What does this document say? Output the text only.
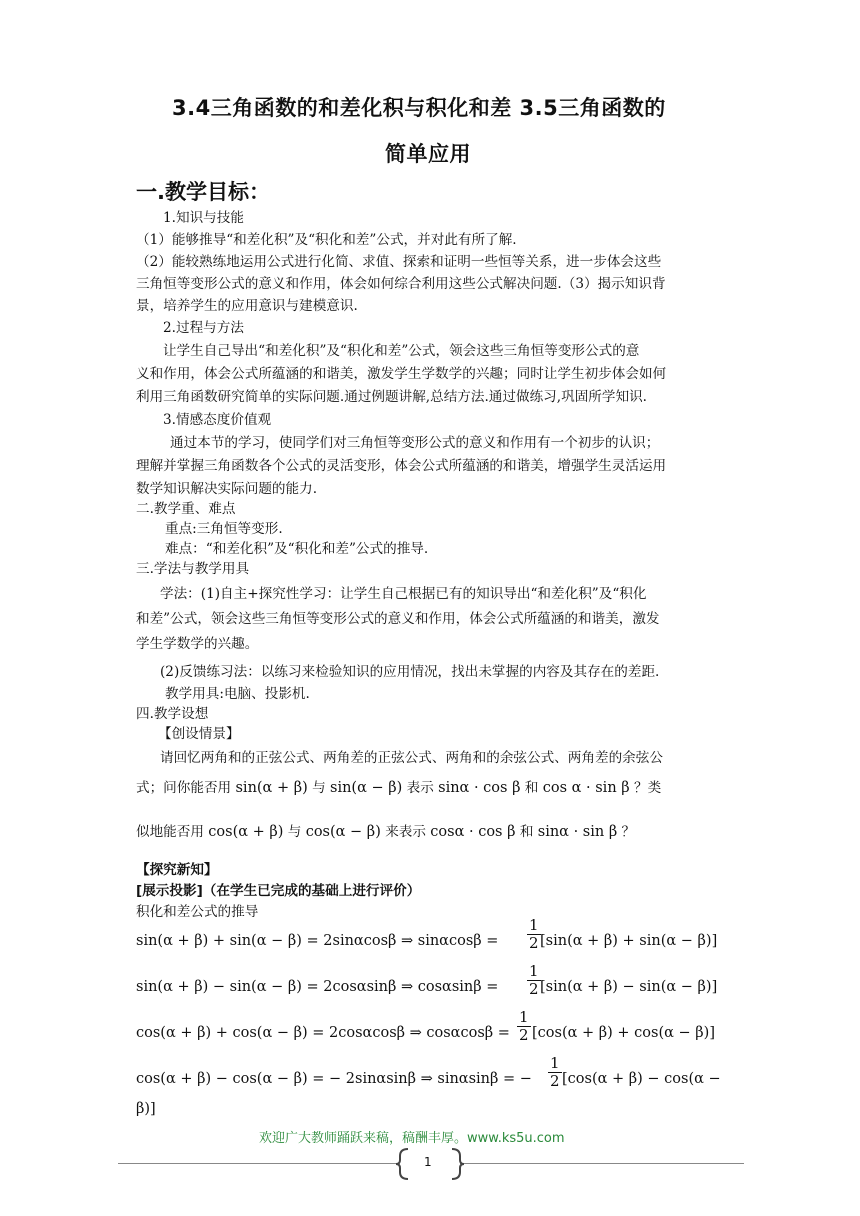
3.4三角函数的和差化积与积化和差 3.5三角函数的
简单应用
一.教学目标：
1.知识与技能
（1）能够推导“和差化积”及“积化和差”公式，并对此有所了解.
（2）能较熟练地运用公式进行化简、求值、探索和证明一些恒等关系，进一步体会这些
三角恒等变形公式的意义和作用，体会如何综合利用这些公式解决问题.（3）揭示知识背
景，培养学生的应用意识与建模意识.
2.过程与方法
让学生自己导出“和差化积”及“积化和差”公式，领会这些三角恒等变形公式的意
义和作用，体会公式所蕴涵的和谐美，激发学生学数学的兴趣；同时让学生初步体会如何
利用三角函数研究简单的实际问题.通过例题讲解,总结方法.通过做练习,巩固所学知识.
3.情感态度价值观
通过本节的学习，使同学们对三角恒等变形公式的意义和作用有一个初步的认识；
理解并掌握三角函数各个公式的灵活变形，体会公式所蕴涵的和谐美，增强学生灵活运用
数学知识解决实际问题的能力.
二.教学重、难点
重点:三角恒等变形.
难点：“和差化积”及“积化和差”公式的推导.
三.学法与教学用具
学法：(1)自主+探究性学习：让学生自己根据已有的知识导出“和差化积”及“积化
和差”公式，领会这些三角恒等变形公式的意义和作用，体会公式所蕴涵的和谐美，激发
学生学数学的兴趣。
(2)反馈练习法：以练习来检验知识的应用情况，找出未掌握的内容及其存在的差距.
教学用具:电脑、投影机.
四.教学设想
【创设情景】
请回忆两角和的正弦公式、两角差的正弦公式、两角和的余弦公式、两角差的余弦公
式；问你能否用 sin(α + β) 与 sin(α − β) 表示 sinα · cos β 和 cos α · sin β ？类
似地能否用 cos(α + β) 与 cos(α − β) 来表示 cosα · cos β 和 sinα · sin β ？
【探究新知】
[展示投影]（在学生已完成的基础上进行评价）
积化和差公式的推导
sin(α + β) + sin(α − β) = 2sinαcosβ ⇒ $\sin\alpha\cos\beta = \frac{1}{2} [\sin(\alpha + \beta) + \sin(\alpha - \beta)]$
sin(α + β) − sin(α − β) = 2cosαsinβ ⇒ $\cos\alpha\sin\beta = \frac{1}{2} [\sin(\alpha + \beta) - \sin(\alpha - \beta)]$
cos(α + β) + cos(α − β) = 2cosαcosβ ⇒ $\cos\alpha\cos\beta = \frac{1}{2} [\cos(\alpha + \beta) + \cos(\alpha - \beta)]$
cos(α + β) − cos(α − β) = − 2sinαsinβ ⇒ sinαsinβ = − $\frac{1}{2} [\cos(\alpha + \beta) - \cos(\alpha$ −
β)]
欢迎广大教师踊跃来稿，稿酬丰厚。www.ks5u.com
1
